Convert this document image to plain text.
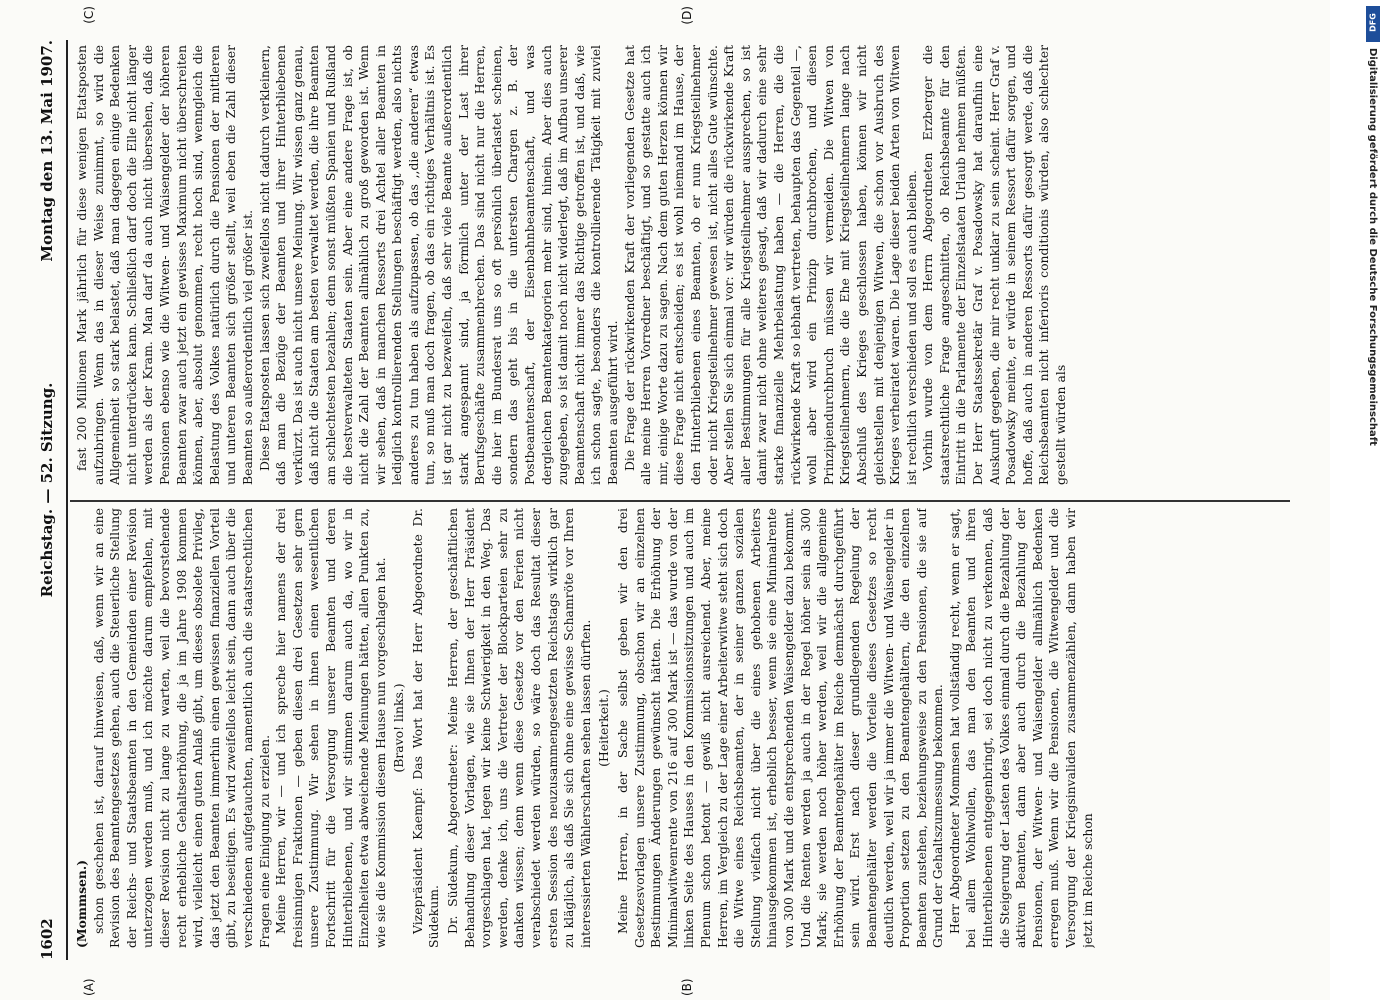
1602
Reichstag. — 52. Sitzung.
Montag den 13. Mai 1907.
(A)	(B)
(C)	(D)

(Mommsen.) schon geschehen ist, darauf hinweisen, daß, wenn wir an eine Revision des Beamtengesetzes gehen, auch die Steuerliche Stellung der Reichs- und Staatsbeamten in den Gemeinden einer Revision unterzogen werden muß, und ich möchte darum empfehlen, mit dieser Revision nicht zu lange zu warten, weil die bevorstehende recht erhebliche Gehaltserhöhung, die ja im Jahre 1908 kommen wird, vielleicht einen guten Anlaß gibt, um dieses obsolete Privileg, das jetzt den Beamten immerhin einen gewissen finanziellen Vorteil gibt, zu beseitigen. Es wird zweifellos leicht sein, dann auch über die verschiedenen aufgetauchten, namentlich auch die staatsrechtlichen Fragen eine Einigung zu erzielen. Meine Herren, wir — und ich spreche hier namens der drei freisinnigen Fraktionen — geben diesen drei Gesetzen sehr gern unsere Zustimmung. Wir sehen in ihnen einen wesentlichen Fortschritt für die Versorgung unserer Beamten und deren Hinterbliebenen, und wir stimmen darum auch da, wo wir in Einzelheiten etwa abweichende Meinungen hätten, allen Punkten zu, wie sie die Kommission diesem Hause nun vorgeschlagen hat. (Bravo! links.) Vizepräsident Kaempf: Das Wort hat der Herr Abgeordnete Dr. Südekum. Dr. Südekum, Abgeordneter: Meine Herren, der geschäftlichen Behandlung dieser Vorlagen, wie sie Ihnen der Herr Präsident vorgeschlagen hat, legen wir keine Schwierigkeit in den Weg. Das werden, denke ich, uns die Vertreter der Blockparteien sehr zu danken wissen; denn wenn diese Gesetze vor den Ferien nicht verabschiedet werden würden, so wäre doch das Resultat dieser ersten Session des neuzusammengesetzten Reichstags wirklich gar zu kläglich, als daß Sie sich ohne eine gewisse Schamröte vor Ihren interessierten Wählerschaften sehen lassen dürften. (Heiterkeit.) Meine Herren, in der Sache selbst geben wir den drei Gesetzesvorlagen unsere Zustimmung, obschon wir an einzelnen Bestimmungen Änderungen gewünscht hätten. Die Erhöhung der Minimalwitwenrente von 216 auf 300 Mark ist — das wurde von der linken Seite des Hauses in den Kommissionssitzungen und auch im Plenum schon betont — gewiß nicht ausreichend. Aber, meine Herren, im Vergleich zu der Lage einer Arbeiterwitwe steht sich doch die Witwe eines Reichsbeamten, der in seiner ganzen sozialen Stellung vielfach nicht über die eines gehobenen Arbeiters hinausgekommen ist, erheblich besser, wenn sie eine Minimalrente von 300 Mark und die entsprechenden Waisengelder dazu bekommt. Und die Renten werden ja auch in der Regel höher sein als 300 Mark; sie werden noch höher werden, weil wir die allgemeine Erhöhung der Beamtengehälter im Reiche demnächst durchgeführt sein wird. Erst nach dieser grundlegenden Regelung der Beamtengehälter werden die Vorteile dieses Gesetzes so recht deutlich werden, weil wir ja immer die Witwen- und Waisengelder in Proportion setzen zu den Beamtengehältern, die den einzelnen Beamten zustehen, beziehungsweise zu den Pensionen, die sie auf Grund der Gehaltszumessung bekommen. Herr Abgeordneter Mommsen hat vollständig recht, wenn er sagt, bei allem Wohlwollen, das man den Beamten und ihren Hinterbliebenen entgegenbringt, sei doch nicht zu verkennen, daß die Steigerung der Lasten des Volkes einmal durch die Bezahlung der aktiven Beamten, dann aber auch durch die Bezahlung der Pensionen, der Witwen- und Waisengelder allmählich Bedenken erregen muß. Wenn wir die Pensionen, die Witwengelder und die Versorgung der Kriegsinvaliden zusammenzählen, dann haben wir jetzt im Reiche schon

fast 200 Millionen Mark jährlich für diese wenigen Etatsposten aufzubringen. Wenn das in dieser Weise zunimmt, so wird die Allgemeinheit so stark belastet, daß man dagegen einige Bedenken nicht unterdrücken kann. Schließlich darf doch die Elle nicht länger werden als der Kram. Man darf da auch nicht übersehen, daß die Pensionen ebenso wie die Witwen- und Waisengelder der höheren Beamten zwar auch jetzt ein gewisses Maximum nicht überschreiten können, aber, absolut genommen, recht hoch sind, wenngleich die Belastung des Volkes natürlich durch die Pensionen der mittleren und unteren Beamten sich größer stellt, weil eben die Zahl dieser Beamten so außerordentlich viel größer ist. Diese Etatsposten lassen sich zweifellos nicht dadurch verkleinern, daß man die Bezüge der Beamten und ihrer Hinterbliebenen verkürzt. Das ist auch nicht unsere Meinung. Wir wissen ganz genau, daß nicht die Staaten am besten verwaltet werden, die ihre Beamten am schlechtesten bezahlen; denn sonst müßten Spanien und Rußland die bestverwalteten Staaten sein. Aber eine andere Frage ist, ob nicht die Zahl der Beamten allmählich zu groß geworden ist. Wenn wir sehen, daß in manchen Ressorts drei Achtel aller Beamten in lediglich kontrollierenden Stellungen beschäftigt werden, also nichts anderes zu tun haben als aufzupassen, ob das ,,die anderen“ etwas tun, so muß man doch fragen, ob das ein richtiges Verhältnis ist. Es ist gar nicht zu bezweifeln, daß sehr viele Beamte außerordentlich stark angespannt sind, ja förmlich unter der Last ihrer Berufsgeschäfte zusammenbrechen. Das sind nicht nur die Herren, die hier im Bundesrat uns so oft persönlich überlastet scheinen, sondern das geht bis in die untersten Chargen z. B. der Postbeamtenschaft, der Eisenbahnbeamtenschaft, und was dergleichen Beamtenkategorien mehr sind, hinein. Aber dies auch zugegeben, so ist damit noch nicht widerlegt, daß im Aufbau unserer Beamtenschaft nicht immer das Richtige getroffen ist, und daß, wie ich schon sagte, besonders die kontrollierende Tätigkeit mit zuviel Beamten ausgeführt wird. Die Frage der rückwirkenden Kraft der vorliegenden Gesetze hat alle meine Herren Vorredner beschäftigt, und so gestatte auch ich mir, einige Worte dazu zu sagen. Nach dem guten Herzen können wir diese Frage nicht entscheiden; es ist wohl niemand im Hause, der den Hinterbliebenen eines Beamten, ob er nun Kriegsteilnehmer oder nicht Kriegsteilnehmer gewesen ist, nicht alles Gute wünschte. Aber stellen Sie sich einmal vor: wir würden die rückwirkende Kraft aller Bestimmungen für alle Kriegsteilnehmer aussprechen, so ist damit zwar nicht ohne weiteres gesagt, daß wir dadurch eine sehr starke finanzielle Mehrbelastung haben — die Herren, die die rückwirkende Kraft so lebhaft vertreten, behaupten das Gegenteil —, wohl aber wird ein Prinzip durchbrochen, und diesen Prinzipiendurchbruch müssen wir vermeiden. Die Witwen von Kriegsteilnehmern, die die Ehe mit Kriegsteilnehmern lange nach Abschluß des Krieges geschlossen haben, können wir nicht gleichstellen mit denjenigen Witwen, die schon vor Ausbruch des Krieges verheiratet waren. Die Lage dieser beiden Arten von Witwen ist rechtlich verschieden und soll es auch bleiben. Vorhin wurde von dem Herrn Abgeordneten Erzberger die staatsrechtliche Frage angeschnitten, ob Reichsbeamte für den Eintritt in die Parlamente der Einzelstaaten Urlaub nehmen müßten. Der Herr Staatssekretär Graf v. Posadowsky hat daraufhin eine Auskunft gegeben, die mir recht unklar zu sein scheint. Herr Graf v. Posadowsky meinte, er würde in seinem Ressort dafür sorgen, und hoffe, daß auch in anderen Ressorts dafür gesorgt werde, daß die Reichsbeamten nicht inferioris conditionis würden, also schlechter gestellt würden als

DFG
Digitalisierung gefördert durch die Deutsche Forschungsgemeinschaft
